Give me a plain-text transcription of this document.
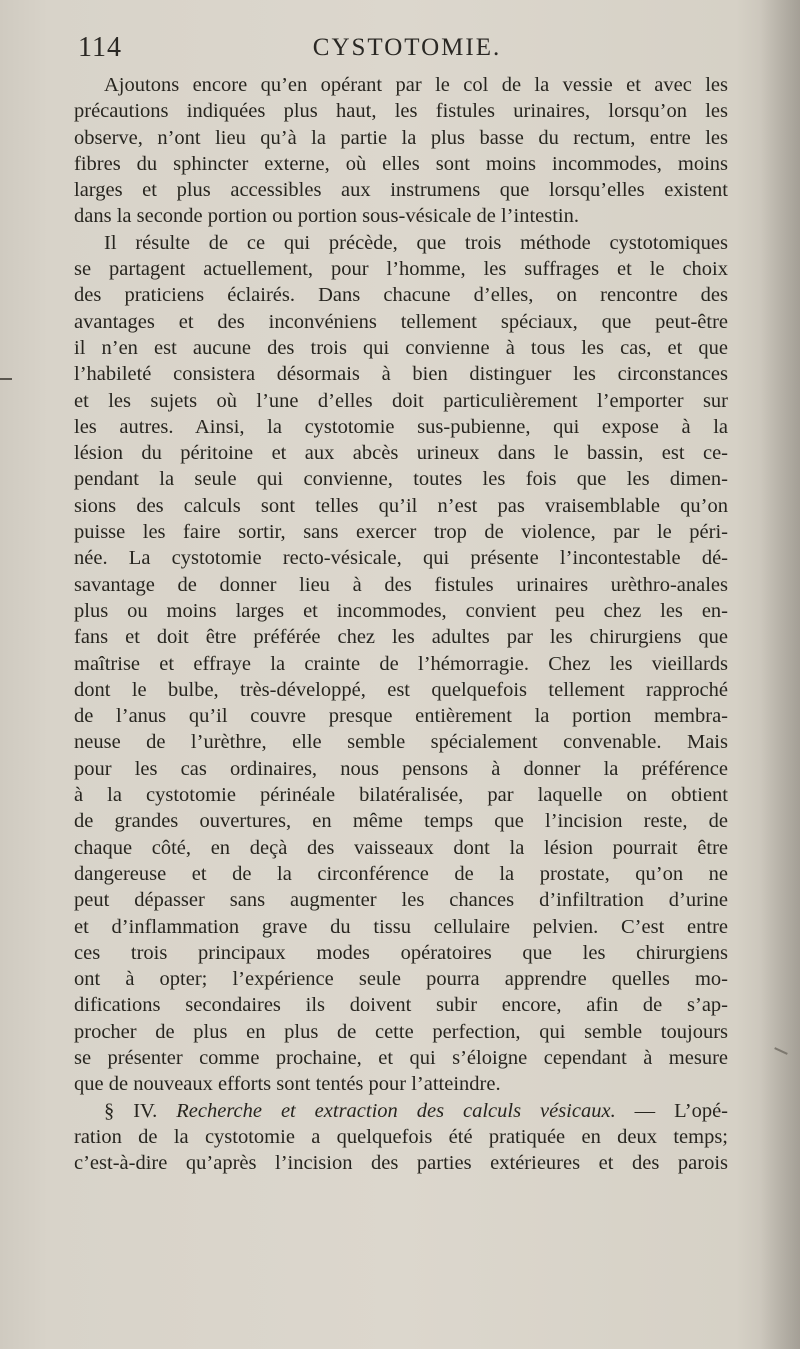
114	CYSTOTOMIE.
Ajoutons encore qu’en opérant par le col de la vessie et avec les
précautions indiquées plus haut, les fistules urinaires, lorsqu’on les
observe, n’ont lieu qu’à la partie la plus basse du rectum, entre les
fibres du sphincter externe, où elles sont moins incommodes, moins
larges et plus accessibles aux instrumens que lorsqu’elles existent
dans la seconde portion ou portion sous-vésicale de l’intestin.
Il résulte de ce qui précède, que trois méthode cystotomiques
se partagent actuellement, pour l’homme, les suffrages et le choix
des praticiens éclairés. Dans chacune d’elles, on rencontre des
avantages et des inconvéniens tellement spéciaux, que peut-être
il n’en est aucune des trois qui convienne à tous les cas, et que
l’habileté consistera désormais à bien distinguer les circonstances
et les sujets où l’une d’elles doit particulièrement l’emporter sur
les autres. Ainsi, la cystotomie sus-pubienne, qui expose à la
lésion du péritoine et aux abcès urineux dans le bassin, est ce-
pendant la seule qui convienne, toutes les fois que les dimen-
sions des calculs sont telles qu’il n’est pas vraisemblable qu’on
puisse les faire sortir, sans exercer trop de violence, par le péri-
née. La cystotomie recto-vésicale, qui présente l’incontestable dé-
savantage de donner lieu à des fistules urinaires urèthro-anales
plus ou moins larges et incommodes, convient peu chez les en-
fans et doit être préférée chez les adultes par les chirurgiens que
maîtrise et effraye la crainte de l’hémorragie. Chez les vieillards
dont le bulbe, très-développé, est quelquefois tellement rapproché
de l’anus qu’il couvre presque entièrement la portion membra-
neuse de l’urèthre, elle semble spécialement convenable. Mais
pour les cas ordinaires, nous pensons à donner la préférence
à la cystotomie périnéale bilatéralisée, par laquelle on obtient
de grandes ouvertures, en même temps que l’incision reste, de
chaque côté, en deçà des vaisseaux dont la lésion pourrait être
dangereuse et de la circonférence de la prostate, qu’on ne
peut dépasser sans augmenter les chances d’infiltration d’urine
et d’inflammation grave du tissu cellulaire pelvien. C’est entre
ces trois principaux modes opératoires que les chirurgiens
ont à opter; l’expérience seule pourra apprendre quelles mo-
difications secondaires ils doivent subir encore, afin de s’ap-
procher de plus en plus de cette perfection, qui semble toujours
se présenter comme prochaine, et qui s’éloigne cependant à mesure
que de nouveaux efforts sont tentés pour l’atteindre.
§ IV. Recherche et extraction des calculs vésicaux. — L’opé-
ration de la cystotomie a quelquefois été pratiquée en deux temps;
c’est-à-dire qu’après l’incision des parties extérieures et des parois
